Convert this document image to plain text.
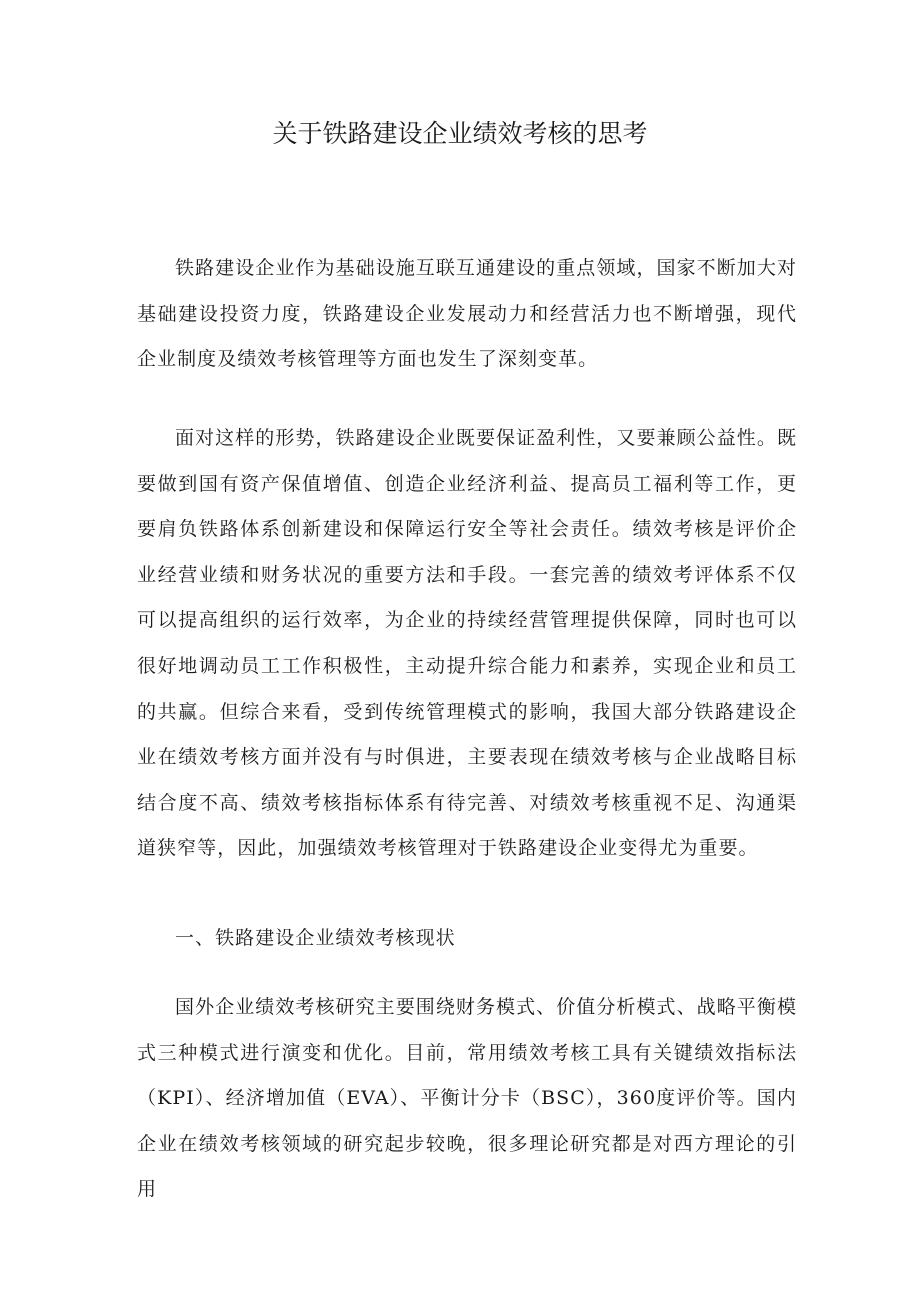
关于铁路建设企业绩效考核的思考

铁路建设企业作为基础设施互联互通建设的重点领域，国家不断加大对基础建设投资力度，铁路建设企业发展动力和经营活力也不断增强，现代企业制度及绩效考核管理等方面也发生了深刻变革。

面对这样的形势，铁路建设企业既要保证盈利性，又要兼顾公益性。既要做到国有资产保值增值、创造企业经济利益、提高员工福利等工作，更要肩负铁路体系创新建设和保障运行安全等社会责任。绩效考核是评价企业经营业绩和财务状况的重要方法和手段。一套完善的绩效考评体系不仅可以提高组织的运行效率，为企业的持续经营管理提供保障，同时也可以很好地调动员工工作积极性，主动提升综合能力和素养，实现企业和员工的共赢。但综合来看，受到传统管理模式的影响，我国大部分铁路建设企业在绩效考核方面并没有与时俱进，主要表现在绩效考核与企业战略目标结合度不高、绩效考核指标体系有待完善、对绩效考核重视不足、沟通渠道狭窄等，因此，加强绩效考核管理对于铁路建设企业变得尤为重要。

一、铁路建设企业绩效考核现状

国外企业绩效考核研究主要围绕财务模式、价值分析模式、战略平衡模式三种模式进行演变和优化。目前，常用绩效考核工具有关键绩效指标法（KPI）、经济增加值（EVA）、平衡计分卡（BSC），360度评价等。国内企业在绩效考核领域的研究起步较晚，很多理论研究都是对西方理论的引用
